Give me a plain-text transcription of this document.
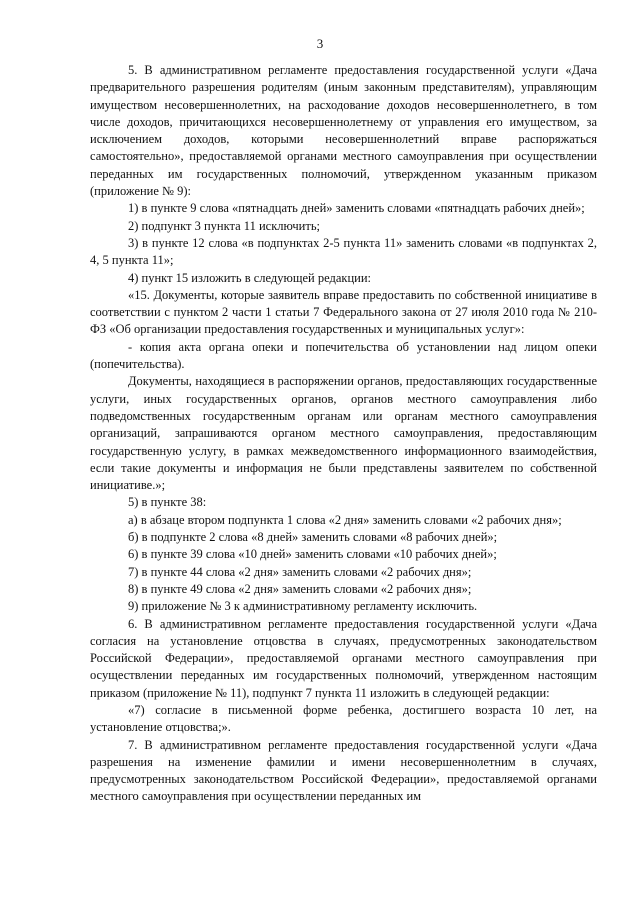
3

5. В административном регламенте предоставления государственной услуги «Дача предварительного разрешения родителям (иным законным представителям), управляющим имуществом несовершеннолетних, на расходование доходов несовершеннолетнего, в том числе доходов, причитающихся несовершеннолетнему от управления его имуществом, за исключением доходов, которыми несовершеннолетний вправе распоряжаться самостоятельно», предоставляемой органами местного самоуправления при осуществлении переданных им государственных полномочий, утвержденном указанным приказом (приложение № 9):

1) в пункте 9 слова «пятнадцать дней» заменить словами «пятнадцать рабочих дней»;

2) подпункт 3 пункта 11 исключить;

3) в пункте 12 слова «в подпунктах 2-5 пункта 11» заменить словами «в подпунктах 2, 4, 5 пункта 11»;

4) пункт 15 изложить в следующей редакции:

«15. Документы, которые заявитель вправе предоставить по собственной инициативе в соответствии с пунктом 2 части 1 статьи 7 Федерального закона от 27 июля 2010 года № 210-ФЗ «Об организации предоставления государственных и муниципальных услуг»:

- копия акта органа опеки и попечительства об установлении над лицом опеки (попечительства).

Документы, находящиеся в распоряжении органов, предоставляющих государственные услуги, иных государственных органов, органов местного самоуправления либо подведомственных государственным органам или органам местного самоуправления организаций, запрашиваются органом местного самоуправления, предоставляющим государственную услугу, в рамках межведомственного информационного взаимодействия, если такие документы и информация не были представлены заявителем по собственной инициативе.»;

5) в пункте 38:

а) в абзаце втором подпункта 1 слова «2 дня» заменить словами «2 рабочих дня»;

б) в подпункте 2 слова «8 дней» заменить словами «8 рабочих дней»;

6) в пункте 39 слова «10 дней» заменить словами «10 рабочих дней»;

7) в пункте 44 слова «2 дня» заменить словами «2 рабочих дня»;

8) в пункте 49 слова «2 дня» заменить словами «2 рабочих дня»;

9) приложение № 3 к административному регламенту исключить.

6. В административном регламенте предоставления государственной услуги «Дача согласия на установление отцовства в случаях, предусмотренных законодательством Российской Федерации», предоставляемой органами местного самоуправления при осуществлении переданных им государственных полномочий, утвержденном настоящим приказом (приложение № 11), подпункт 7 пункта 11 изложить в следующей редакции:

«7) согласие в письменной форме ребенка, достигшего возраста 10 лет, на установление отцовства;».

7. В административном регламенте предоставления государственной услуги «Дача разрешения на изменение фамилии и имени несовершеннолетним в случаях, предусмотренных законодательством Российской Федерации», предоставляемой органами местного самоуправления при осуществлении переданных им
